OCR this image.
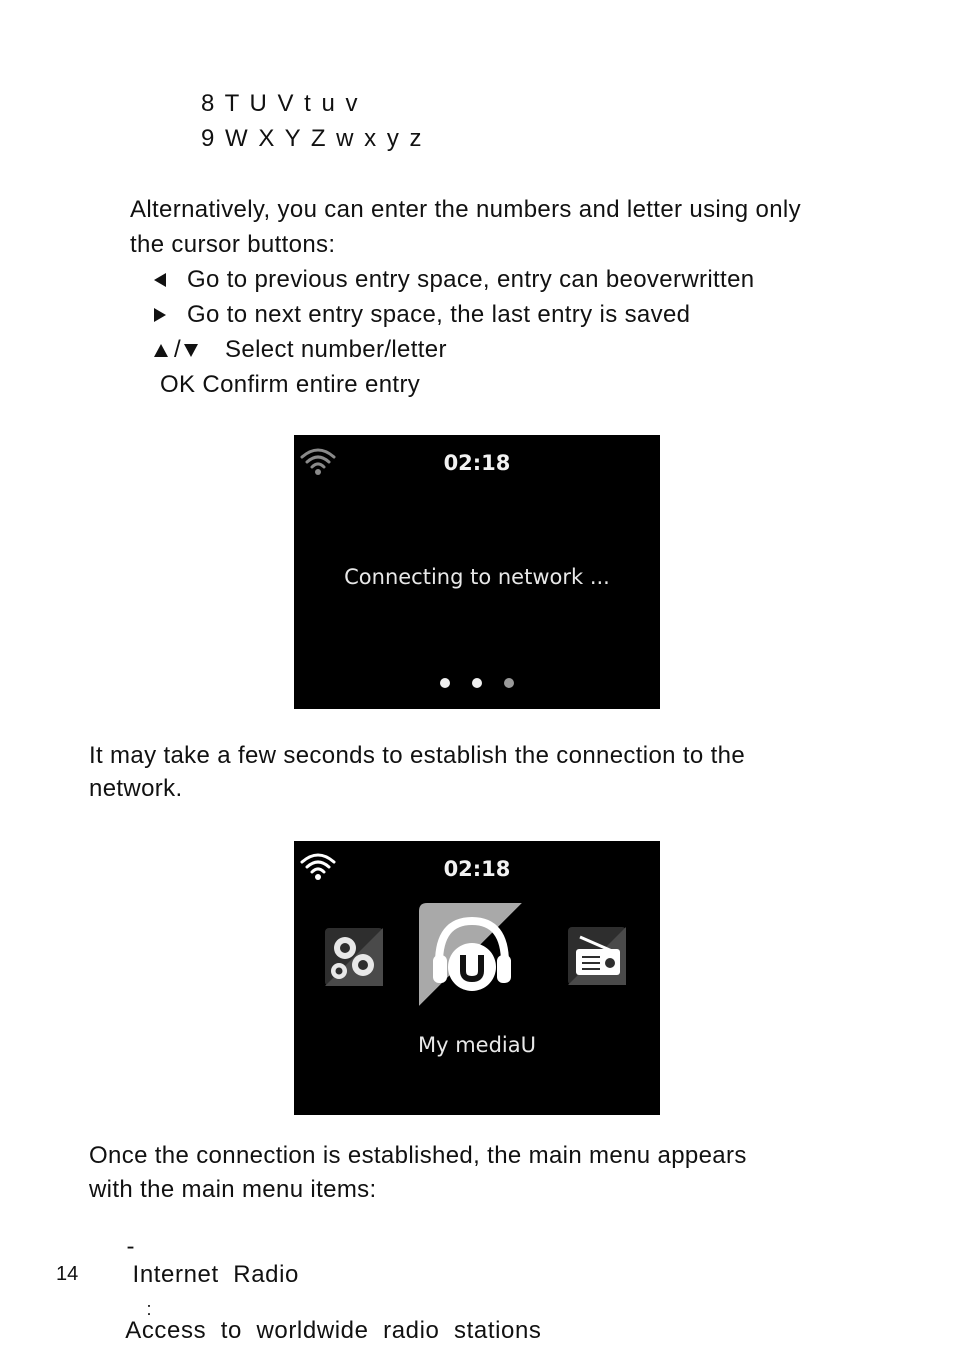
8 T U V t u v
9 W X Y Z w x y z
Alternatively, you can enter the numbers and letter using only
the cursor buttons:
Go to previous entry space, entry can beoverwritten
Go to next entry space, the last entry is saved
/ Select number/letter
OK Confirm entire entry
02:18
Connecting to network ...
It may take a few seconds to establish the connection to the
network.
02:18
My mediaU
Once the connection is established, the main menu appears
with the main menu items:

-
Internet  Radio
:
Access  to  worldwide  radio  stations

14
